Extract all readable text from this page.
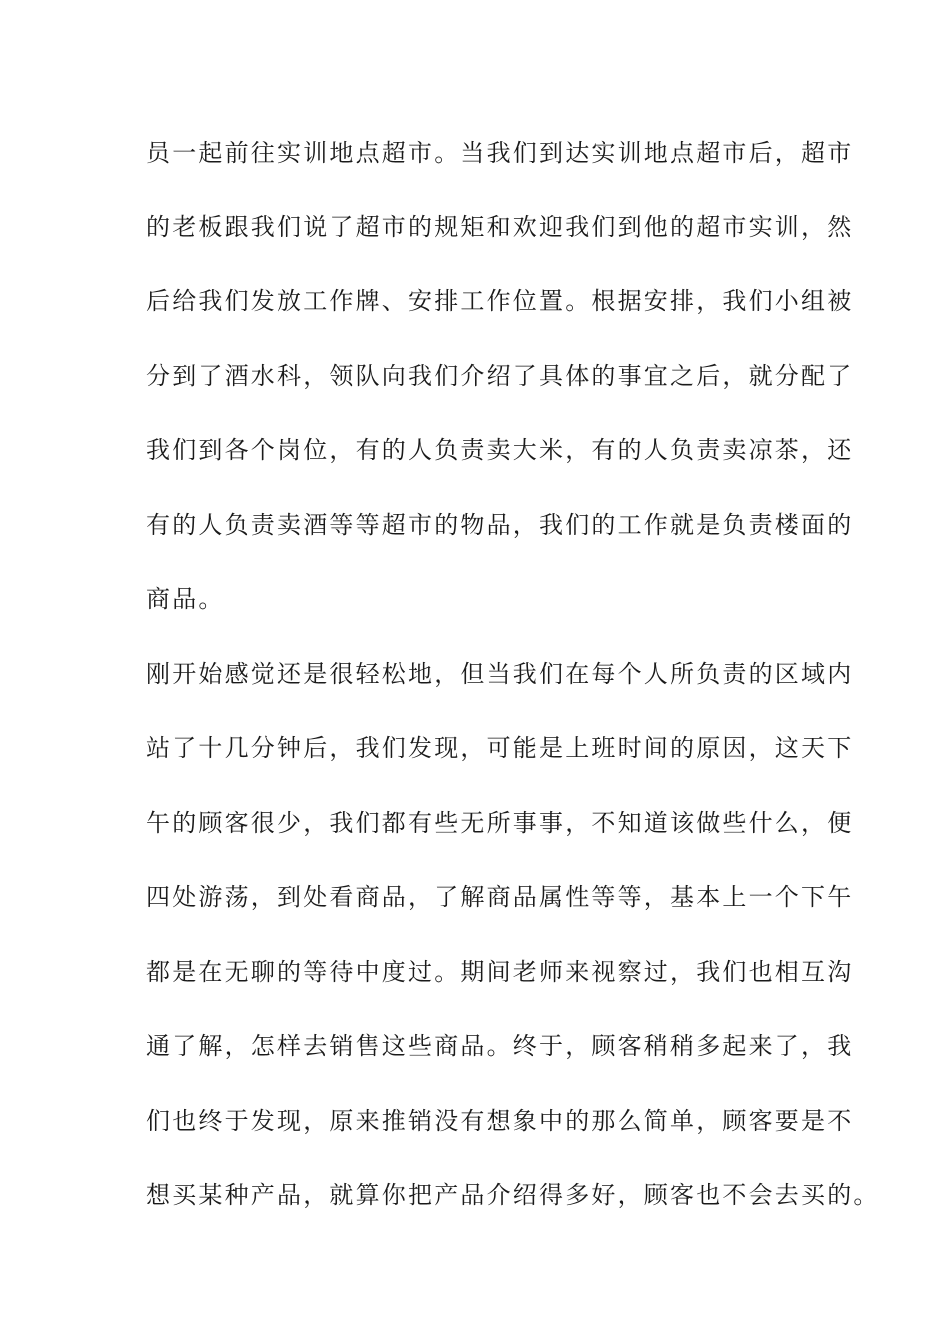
员一起前往实训地点超市。当我们到达实训地点超市后，超市
的老板跟我们说了超市的规矩和欢迎我们到他的超市实训，然
后给我们发放工作牌、安排工作位置。根据安排，我们小组被
分到了酒水科，领队向我们介绍了具体的事宜之后，就分配了
我们到各个岗位，有的人负责卖大米，有的人负责卖凉茶，还
有的人负责卖酒等等超市的物品，我们的工作就是负责楼面的
商品。
刚开始感觉还是很轻松地，但当我们在每个人所负责的区域内
站了十几分钟后，我们发现，可能是上班时间的原因，这天下
午的顾客很少，我们都有些无所事事，不知道该做些什么，便
四处游荡，到处看商品，了解商品属性等等，基本上一个下午
都是在无聊的等待中度过。期间老师来视察过，我们也相互沟
通了解，怎样去销售这些商品。终于，顾客稍稍多起来了，我
们也终于发现，原来推销没有想象中的那么简单，顾客要是不
想买某种产品，就算你把产品介绍得多好，顾客也不会去买的。
